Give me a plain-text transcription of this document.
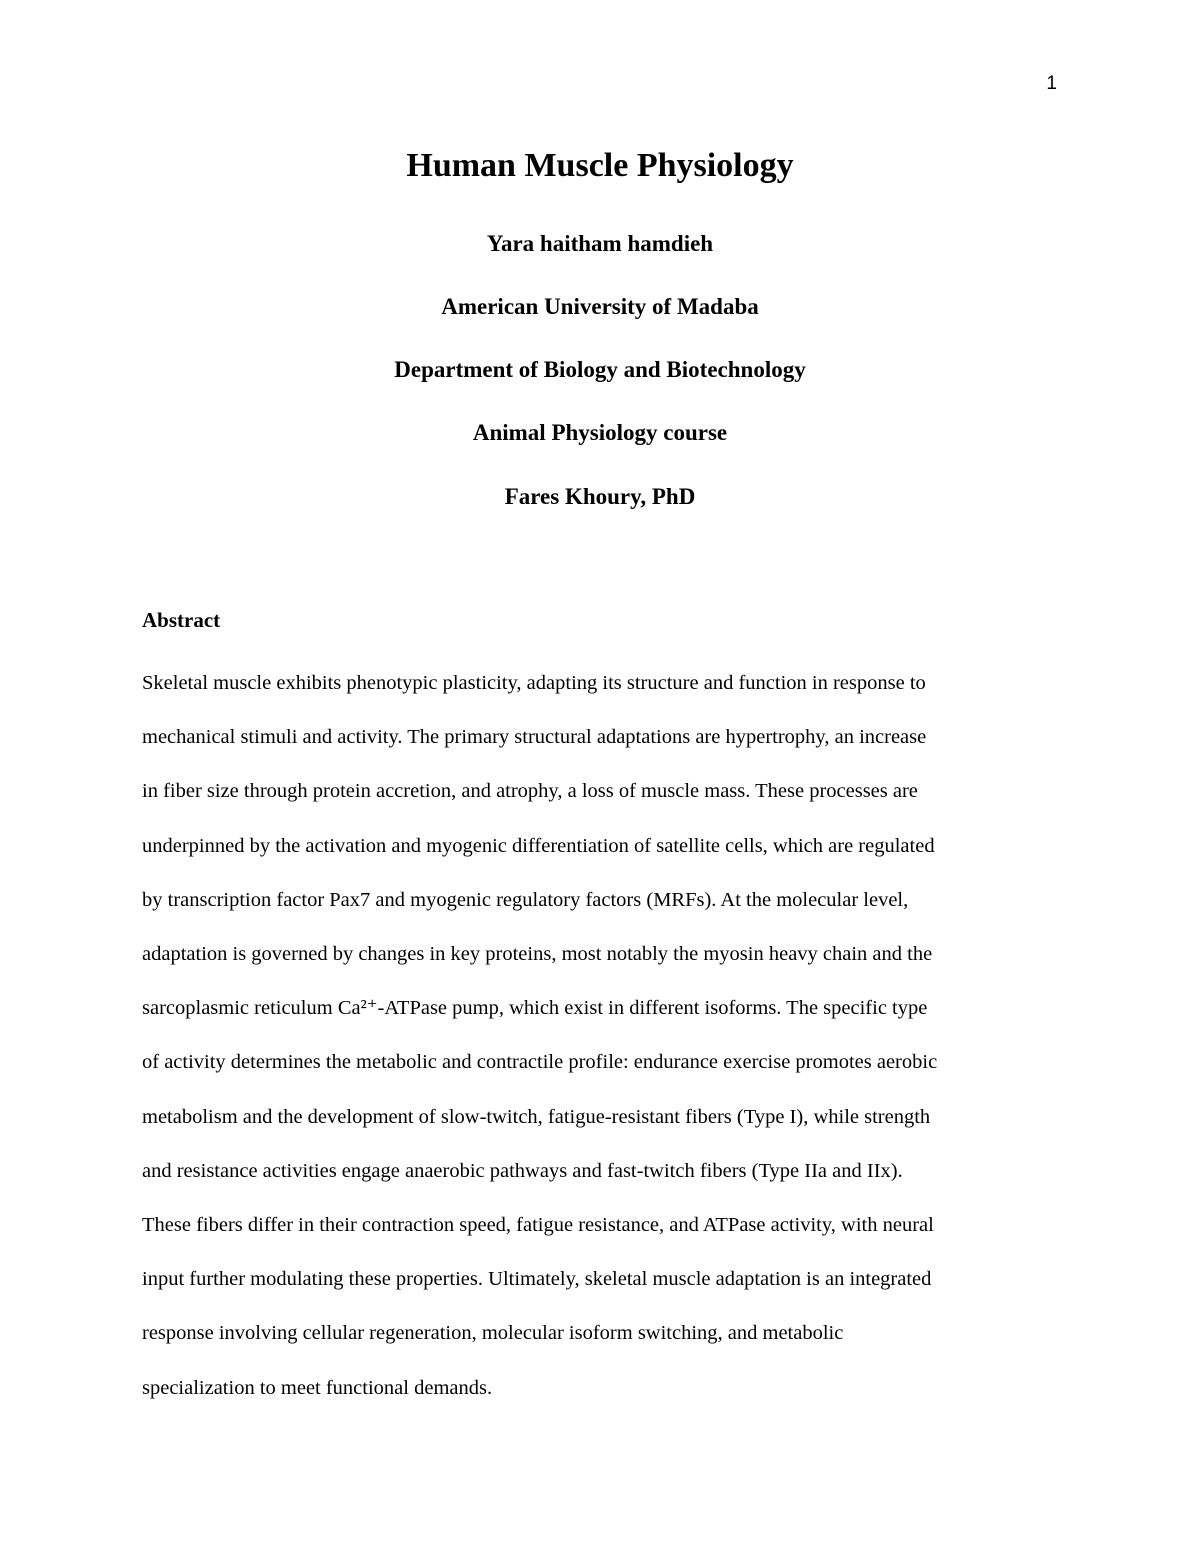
1
Human Muscle Physiology
Yara haitham hamdieh
American University of Madaba
Department of Biology and Biotechnology
Animal Physiology course
Fares Khoury, PhD
Abstract
Skeletal muscle exhibits phenotypic plasticity, adapting its structure and function in response to
mechanical stimuli and activity. The primary structural adaptations are hypertrophy, an increase
in fiber size through protein accretion, and atrophy, a loss of muscle mass. These processes are
underpinned by the activation and myogenic differentiation of satellite cells, which are regulated
by transcription factor Pax7 and myogenic regulatory factors (MRFs). At the molecular level,
adaptation is governed by changes in key proteins, most notably the myosin heavy chain and the
sarcoplasmic reticulum Ca²⁺-ATPase pump, which exist in different isoforms. The specific type
of activity determines the metabolic and contractile profile: endurance exercise promotes aerobic
metabolism and the development of slow-twitch, fatigue-resistant fibers (Type I), while strength
and resistance activities engage anaerobic pathways and fast-twitch fibers (Type IIa and IIx).
These fibers differ in their contraction speed, fatigue resistance, and ATPase activity, with neural
input further modulating these properties. Ultimately, skeletal muscle adaptation is an integrated
response involving cellular regeneration, molecular isoform switching, and metabolic
specialization to meet functional demands.
